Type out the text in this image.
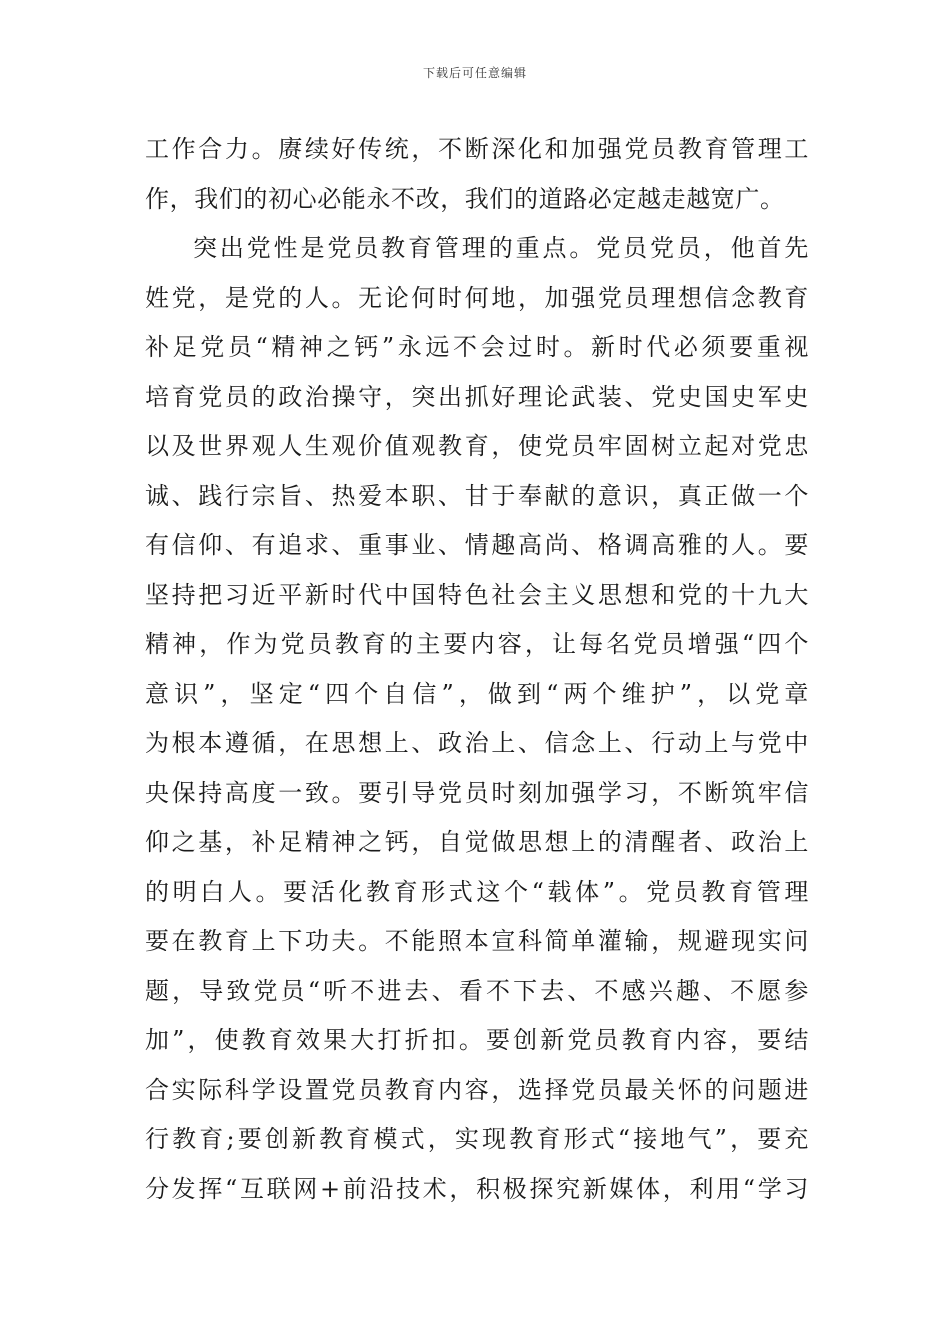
下载后可任意编辑
工作合力。赓续好传统，不断深化和加强党员教育管理工
作，我们的初心必能永不改，我们的道路必定越走越宽广。
突出党性是党员教育管理的重点。党员党员，他首先
姓党，是党的人。无论何时何地，加强党员理想信念教育
补足党员“精神之钙”永远不会过时。新时代必须要重视
培育党员的政治操守，突出抓好理论武装、党史国史军史
以及世界观人生观价值观教育，使党员牢固树立起对党忠
诚、践行宗旨、热爱本职、甘于奉献的意识，真正做一个
有信仰、有追求、重事业、情趣高尚、格调高雅的人。要
坚持把习近平新时代中国特色社会主义思想和党的十九大
精神，作为党员教育的主要内容，让每名党员增强“四个
意识”，坚定“四个自信”，做到“两个维护”，以党章
为根本遵循，在思想上、政治上、信念上、行动上与党中
央保持高度一致。要引导党员时刻加强学习，不断筑牢信
仰之基，补足精神之钙，自觉做思想上的清醒者、政治上
的明白人。要活化教育形式这个“载体”。党员教育管理
要在教育上下功夫。不能照本宣科简单灌输，规避现实问
题，导致党员“听不进去、看不下去、不感兴趣、不愿参
加”，使教育效果大打折扣。要创新党员教育内容，要结
合实际科学设置党员教育内容，选择党员最关怀的问题进
行教育;要创新教育模式，实现教育形式“接地气”，要充
分发挥“互联网+前沿技术，积极探究新媒体，利用“学习
